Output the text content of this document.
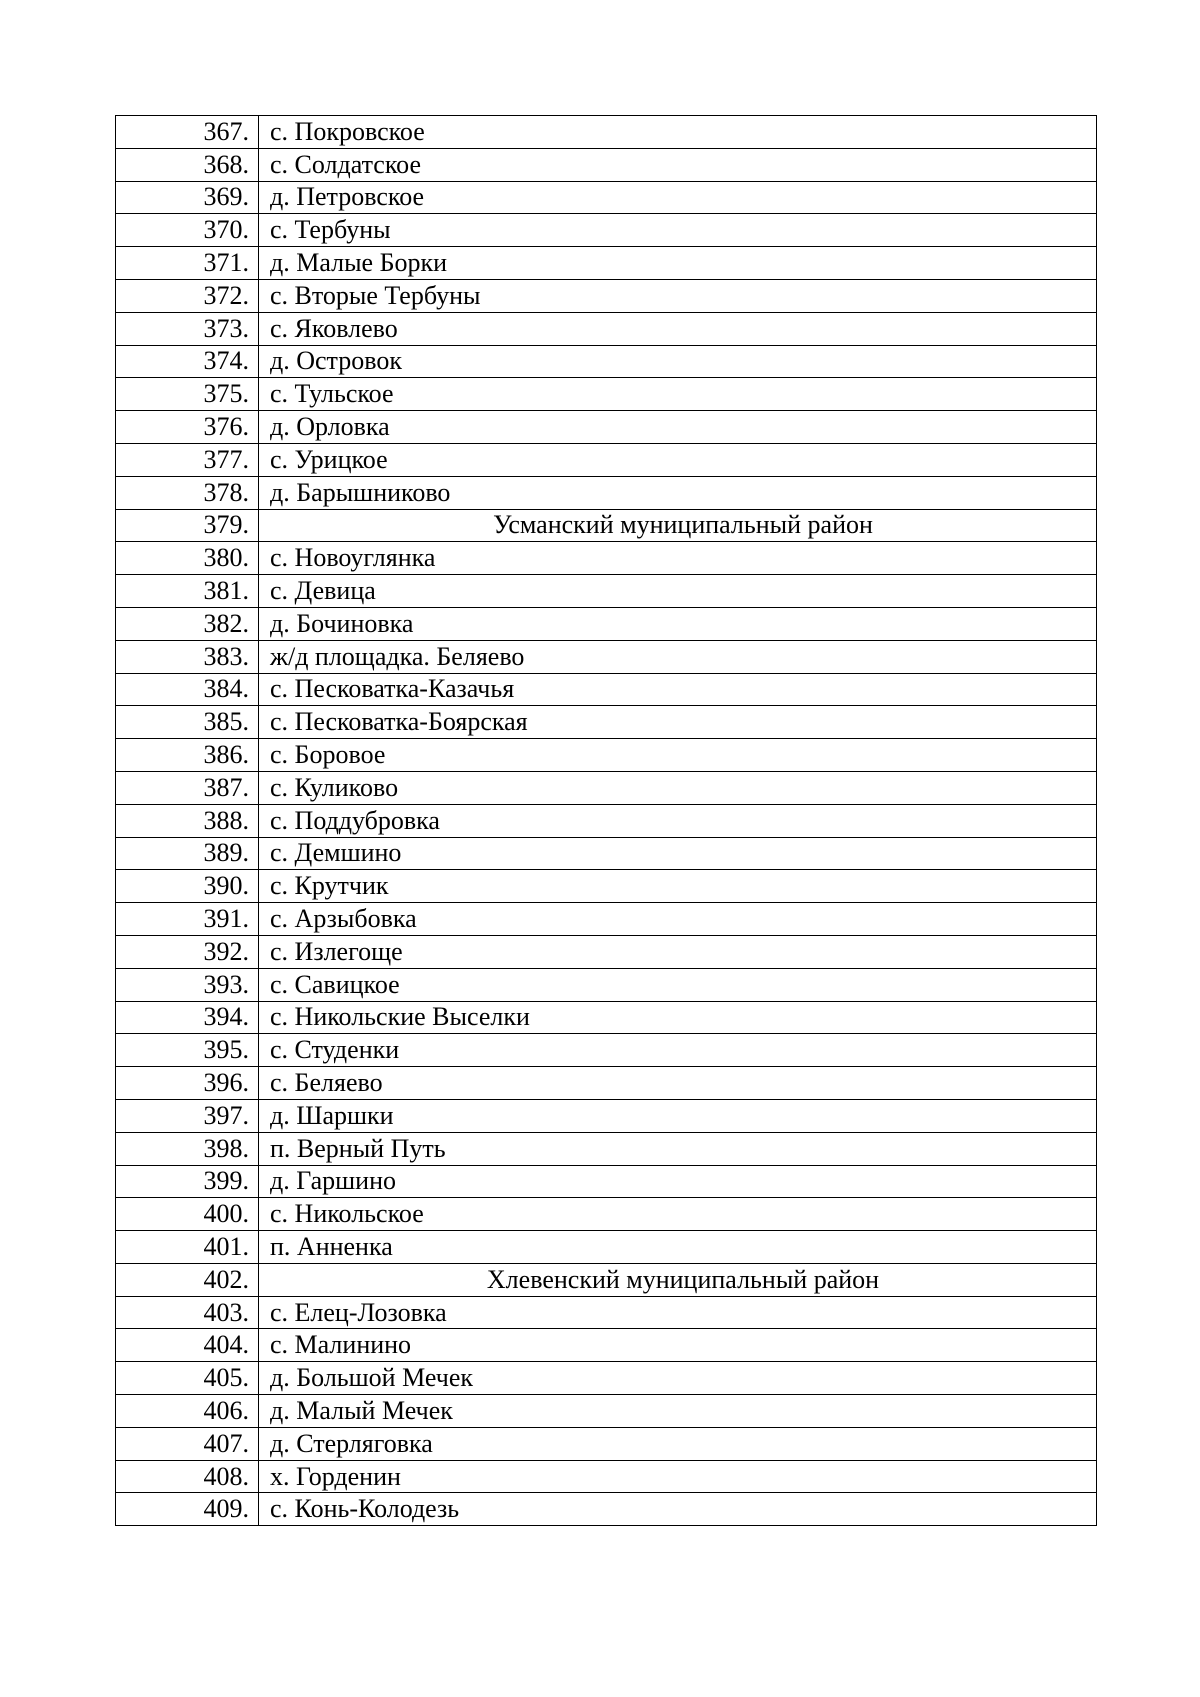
367.	с. Покровское
368.	с. Солдатское
369.	д. Петровское
370.	с. Тербуны
371.	д. Малые Борки
372.	с. Вторые Тербуны
373.	с. Яковлево
374.	д. Островок
375.	с. Тульское
376.	д. Орловка
377.	с. Урицкое
378.	д. Барышниково
379.	Усманский муниципальный район
380.	с. Новоуглянка
381.	с. Девица
382.	д. Бочиновка
383.	ж/д площадка. Беляево
384.	с. Песковатка-Казачья
385.	с. Песковатка-Боярская
386.	с. Боровое
387.	с. Куликово
388.	с. Поддубровка
389.	с. Демшино
390.	с. Крутчик
391.	с. Арзыбовка
392.	с. Излегоще
393.	с. Савицкое
394.	с. Никольские Выселки
395.	с. Студенки
396.	с. Беляево
397.	д. Шаршки
398.	п. Верный Путь
399.	д. Гаршино
400.	с. Никольское
401.	п. Анненка
402.	Хлевенский муниципальный район
403.	с. Елец-Лозовка
404.	с. Малинино
405.	д. Большой Мечек
406.	д. Малый Мечек
407.	д. Стерляговка
408.	х. Горденин
409.	с. Конь-Колодезь
